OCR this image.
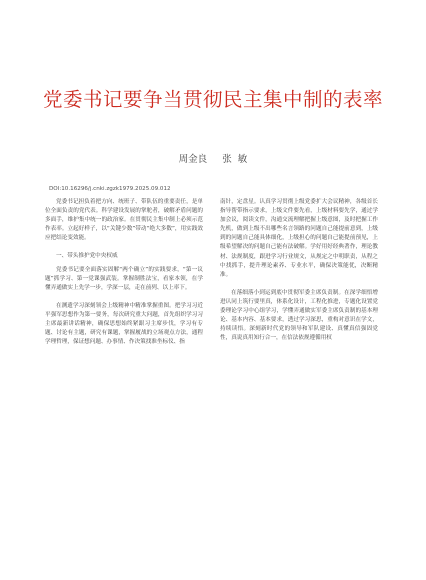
党委书记要争当贯彻民主集中制的表率
周金良     张  敏
DOI:10.16296/j.cnki.zgzk1979.2025.09.012

党委书记担负着把方向、统班子、带队伍的重要责任，是单位全面负责的党代表。科学建设发展的掌舵者，破解矛盾问题的多面手，维护集中统一的政治家。在贯彻民主集中制上必须示范作表率。立起好样子，以“关键少数”带动“绝大多数”，用实践效应把结论变效能。

一、带头推护党中央权威

党委书记要全面落实固解“两个确立”的实践要求，“第一议题”抓学习、第一党课强武装。掌握制胜法宝，看家本领，在学懂弄通做实上先学一步，学深一层，走在前列、以上率下。

在测遗学习深刻领会上级精神中精准掌握重图。把学习习近平强军思想作为第一要务，每次研究重大问题，首先组织学习习主席最新讲话精神，确保思想始终紧跟习主席步伐，学习有专题、讨论有主题，研究有课题，掌握履战的立场观点方法，通程学理哲理，保证想问题、办事情、作决策找准坐标仪、指

南针，定盘星。认真学习贯彻上级党委扩大会议精神，各级首长指导帮带指示要求，上级文件要先看，上级材料要先学，通过学加会议，阅读文件，沟通交流理解把握上级意图，及时把握工作先机，做到上级不出哪些名言领路的问题自己能提前意到，上级到的问题自己能具体细化，上级担心的问题自己能提前预见，上级希望解决的问题自己能有法破解。学好用好经典著作，理论教材、法规制度，跟进学习行业规文，从规定之中明职责，从程之中找抓手，提升理论素养、专业水平，确保决策能优，决断精准。

在落细落小到运到底中贯彻军委主席负责制。在深学细悟增进认同上筑行要里真，体系化设计，工程化推进，专题化设置党委理论学习中心组学习，学懂弄通做实军委主席负责制的基本理论、基本内容、基本要求，透过学习深思，重构对意识在学文，持续读悟。深刻新时代党的领导和军队建设、真懂真信强固党性，真说真用知行合一，在信法依规遵循用权
